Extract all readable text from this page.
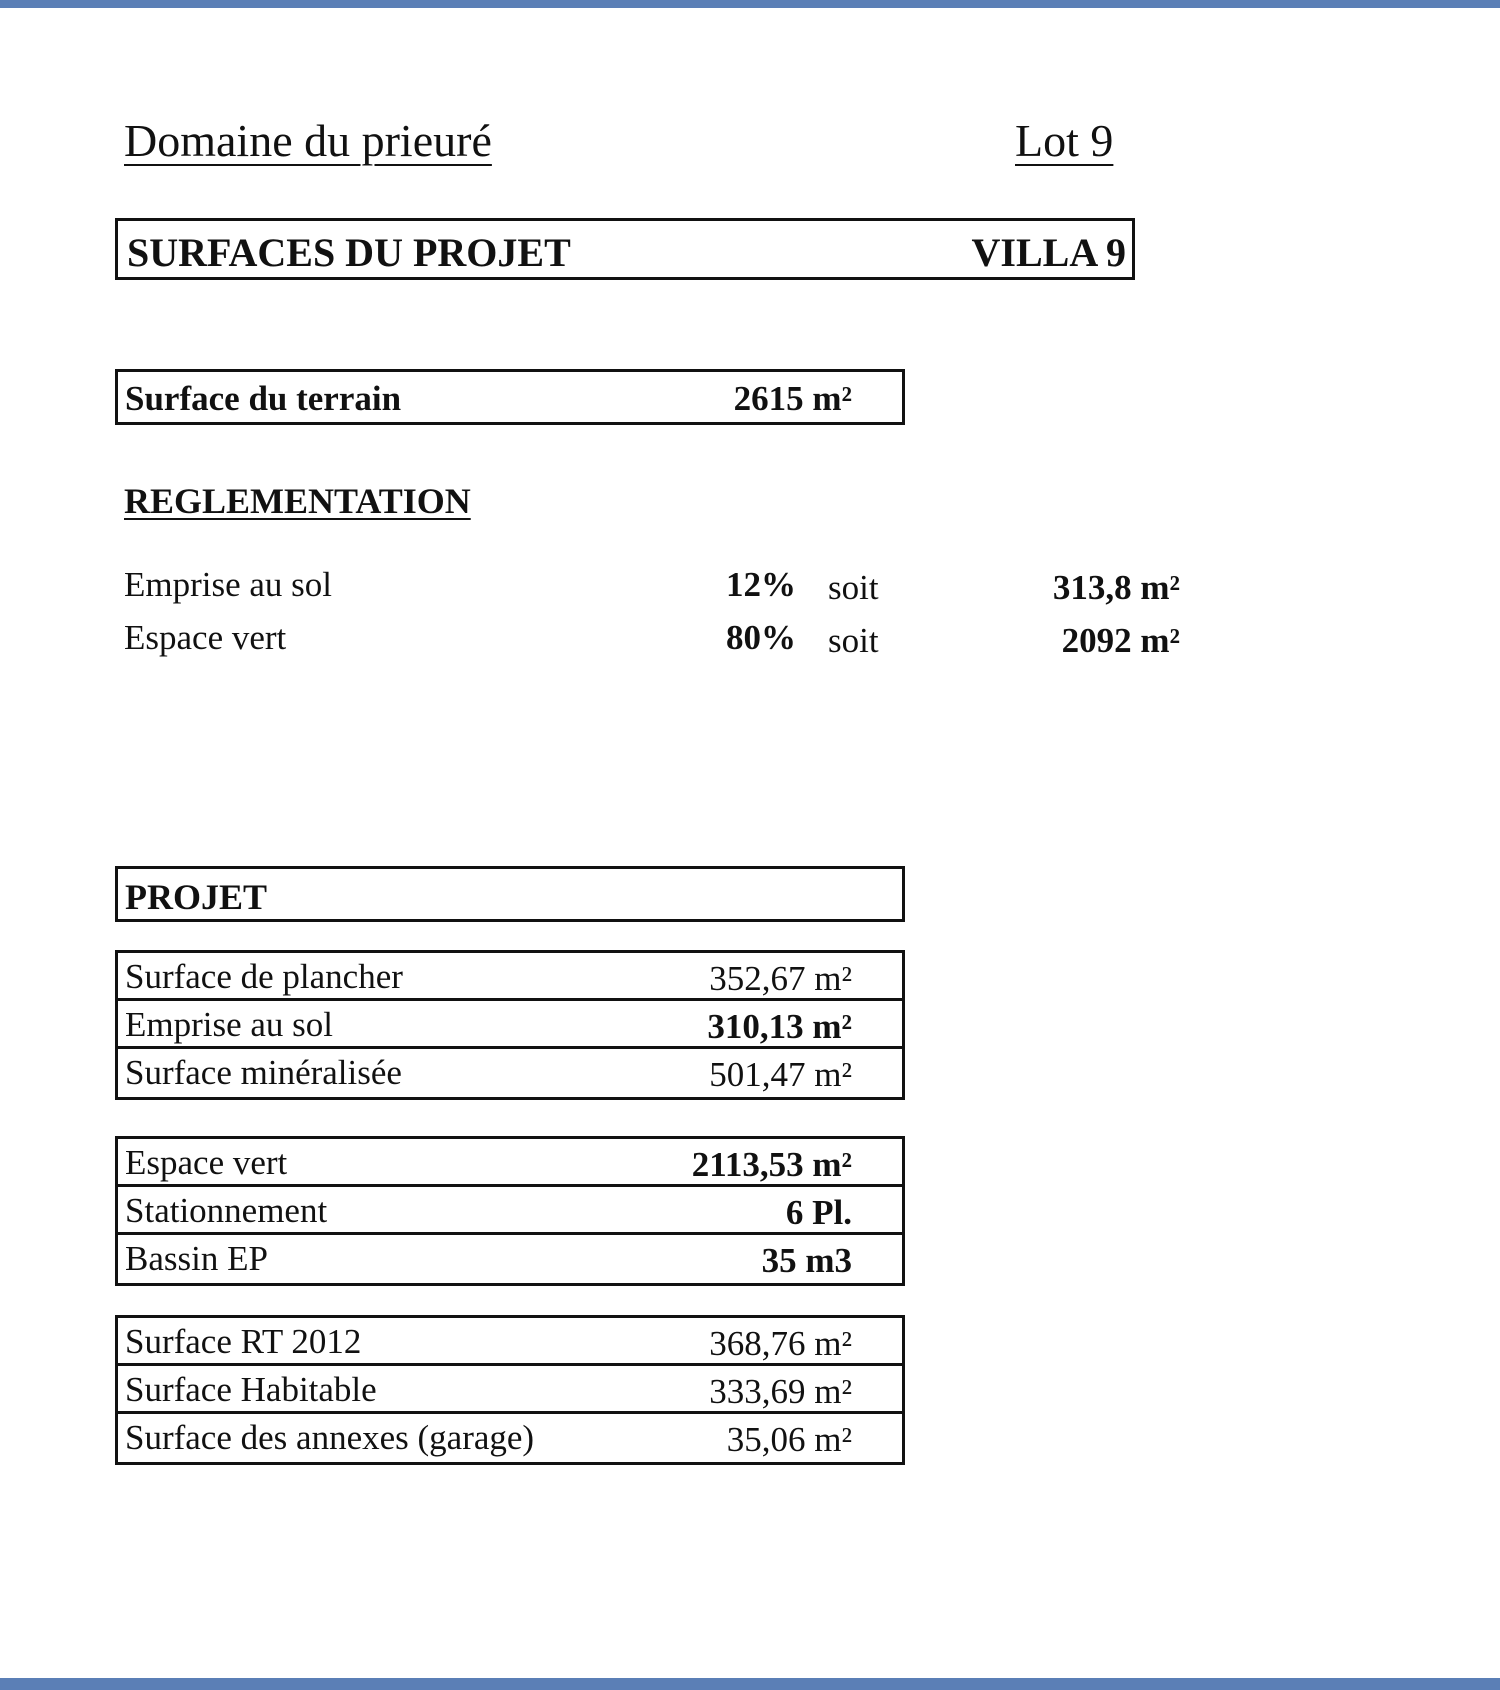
Domaine du prieuré	Lot 9
SURFACES DU PROJET	VILLA 9
Surface du terrain	2615 m²
REGLEMENTATION
Emprise au sol	12% soit	313,8 m²
Espace vert	80% soit	2092 m²
PROJET
Surface de plancher	352,67 m²
Emprise au sol	310,13 m²
Surface minéralisée	501,47 m²
Espace vert	2113,53 m²
Stationnement	6 Pl.
Bassin EP	35 m3
Surface RT 2012	368,76 m²
Surface Habitable	333,69 m²
Surface des annexes (garage)	35,06 m²
